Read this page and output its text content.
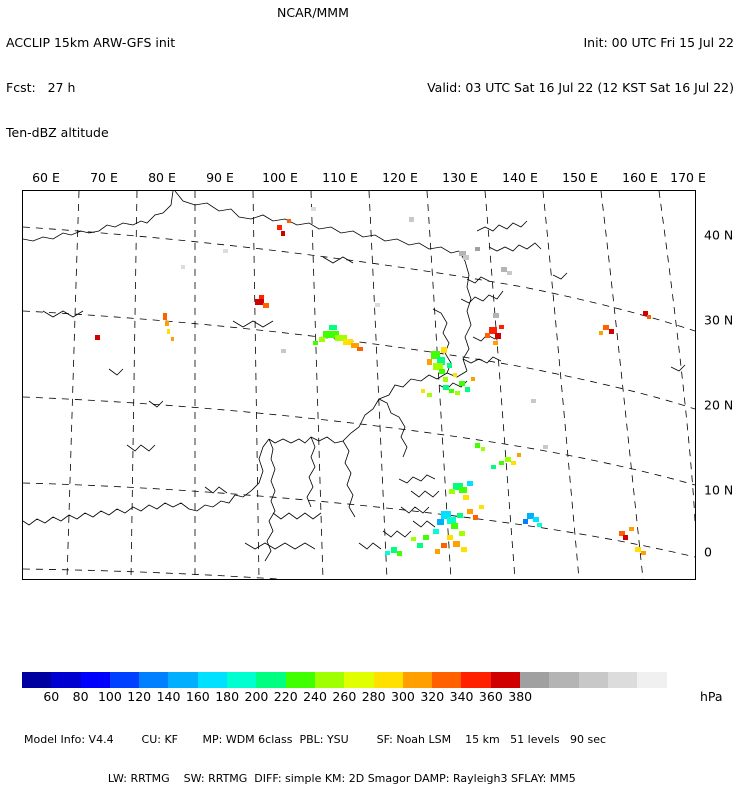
ACCLIP 15km ARW-GFS init

Fcst:   27 h

Ten-dBZ altitude

NCAR/MMM

Init: 00 UTC Fri 15 Jul 22

Valid: 03 UTC Sat 16 Jul 22 (12 KST Sat 16 Jul 22)

60 E 70 E 80 E 90 E 100 E 110 E 120 E 130 E 140 E 150 E 160 E 170 E
40 N
30 N
20 N
10 N
0
60 80 100 120 140 160 180 200 220 240 260 280 300 320 340 360 380	hPa

Model Info: V4.4        CU: KF       MP: WDM 6class  PBL: YSU        SF: Noah LSM    15 km   51 levels   90 sec

LW: RRTMG    SW: RRTMG  DIFF: simple KM: 2D Smagor DAMP: Rayleigh3 SFLAY: MM5
